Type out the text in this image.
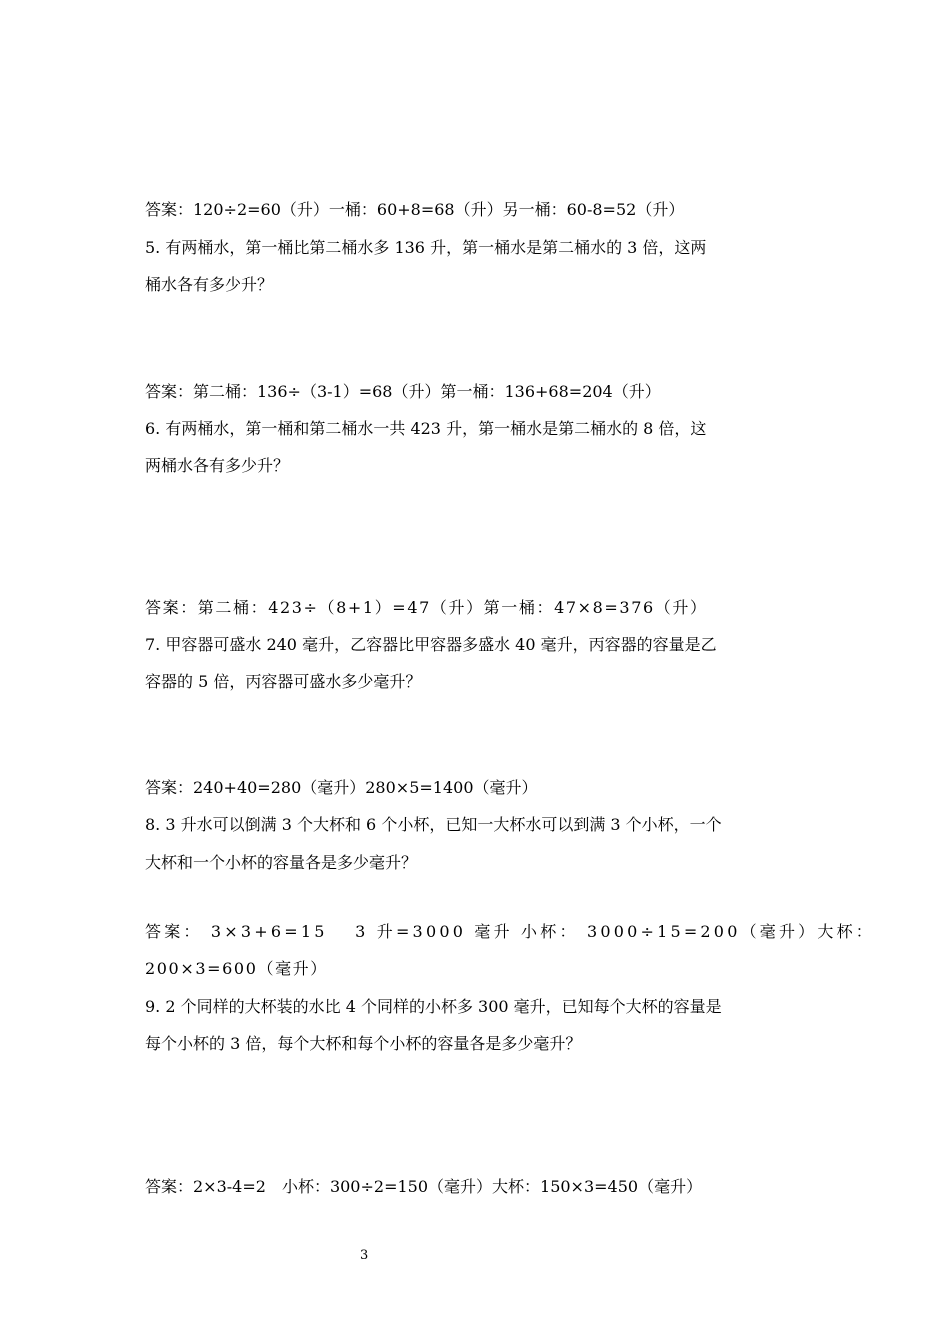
答案：120÷2=60（升）一桶：60+8=68（升）另一桶：60-8=52（升）
5. 有两桶水，第一桶比第二桶水多 136 升，第一桶水是第二桶水的 3 倍，这两
桶水各有多少升？
答案：第二桶：136÷（3-1）=68（升）第一桶：136+68=204（升）
6. 有两桶水，第一桶和第二桶水一共 423 升，第一桶水是第二桶水的 8 倍，这
两桶水各有多少升？
答案：第二桶：423÷（8+1）=47（升）第一桶：47×8=376（升）
7. 甲容器可盛水 240 毫升，乙容器比甲容器多盛水 40 毫升，丙容器的容量是乙
容器的 5 倍，丙容器可盛水多少毫升？
答案：240+40=280（毫升）280×5=1400（毫升）
8. 3 升水可以倒满 3 个大杯和 6 个小杯，已知一大杯水可以到满 3 个小杯，一个
大杯和一个小杯的容量各是多少毫升？
答案： 3×3+6=15　 3 升=3000 毫升 小杯： 3000÷15=200（毫升）大杯：
200×3=600（毫升）
9. 2 个同样的大杯装的水比 4 个同样的小杯多 300 毫升，已知每个大杯的容量是
每个小杯的 3 倍，每个大杯和每个小杯的容量各是多少毫升？
答案：2×3-4=2　小杯：300÷2=150（毫升）大杯：150×3=450（毫升）
3
